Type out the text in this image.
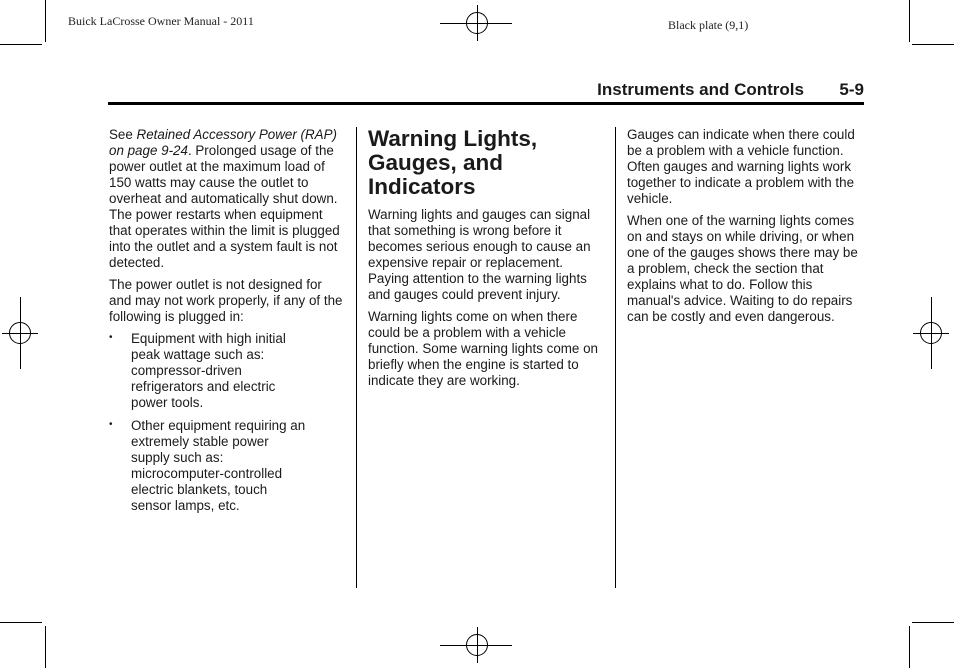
Buick LaCrosse Owner Manual - 2011	Black plate (9,1)
Instruments and Controls 5-9

See Retained Accessory Power (RAP) on page 9-24. Prolonged usage of the power outlet at the maximum load of 150 watts may cause the outlet to overheat and automatically shut down. The power restarts when equipment that operates within the limit is plugged into the outlet and a system fault is not detected.

The power outlet is not designed for and may not work properly, if any of the following is plugged in:

• Equipment with high initial peak wattage such as: compressor-driven refrigerators and electric power tools.
• Other equipment requiring an extremely stable power supply such as: microcomputer-controlled electric blankets, touch sensor lamps, etc.
Warning Lights, Gauges, and Indicators

Warning lights and gauges can signal that something is wrong before it becomes serious enough to cause an expensive repair or replacement. Paying attention to the warning lights and gauges could prevent injury.

Warning lights come on when there could be a problem with a vehicle function. Some warning lights come on briefly when the engine is started to indicate they are working.

Gauges can indicate when there could be a problem with a vehicle function. Often gauges and warning lights work together to indicate a problem with the vehicle.

When one of the warning lights comes on and stays on while driving, or when one of the gauges shows there may be a problem, check the section that explains what to do. Follow this manual's advice. Waiting to do repairs can be costly and even dangerous.
